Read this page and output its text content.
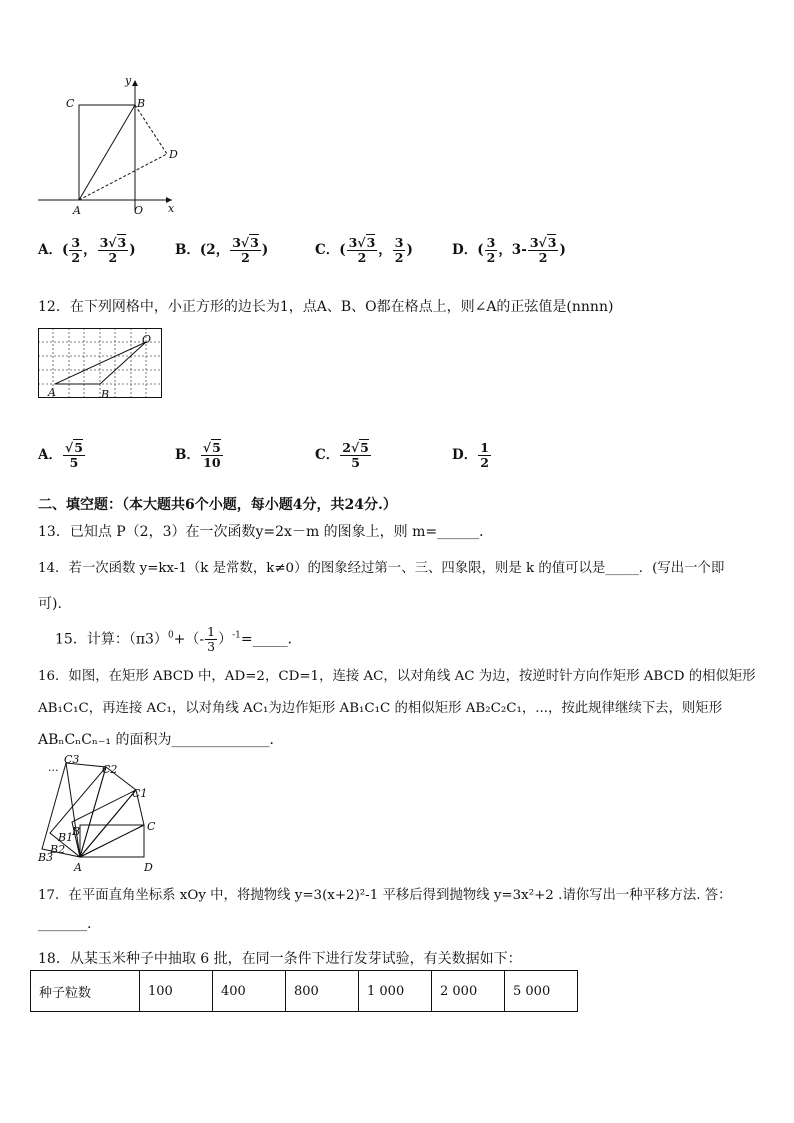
y
x
C	B
D
A	O
A．( $\frac{3}{2}$ ， $\frac{3√3}{2}$ )	B．(2， $\frac{3√3}{2}$ )	C．( $\frac{3√3}{2}$ ， $\frac{3}{2}$ )	D．( $\frac{3}{2}$ ，$3- \frac{3√3}{2}$ )
12．在下列网格中，小正方形的边长为1，点A、B、O都在格点上，则∠A的正弦值是(nnnn)
O
A	B
A． $\frac{√5}{5}$	B． $\frac{√5}{10}$	C． $\frac{2√5}{5}$	D． $\frac{1}{2}$
二、填空题：（本大题共6个小题，每小题4分，共24分.）
13．已知点 P（2，3）在一次函数y=2x－m 的图象上，则 m=______．
14．若一次函数 y=kx-1（k 是常数，k≠0）的图象经过第一、三、四象限，则是 k 的值可以是_____．(写出一个即
可).
15．计算：$(\pi 3)^0+(- \frac{1}{3}$ ）$^{-1}$=_____．
16．如图，在矩形 ABCD 中，AD=2，CD=1，连接 AC，以对角线 AC 为边，按逆时针方向作矩形 ABCD 的相似矩形
AB₁C₁C，再连接 AC₁，以对角线 AC₁为边作矩形 AB₁C₁C 的相似矩形 AB₂C₂C₁，...，按此规律继续下去，则矩形
ABₙCₙCₙ₋₁ 的面积为______________．
...
C3
C2
C1
C
B
B1
B2
B3
A	D
17．在平面直角坐标系 xOy 中，将抛物线 y=3(x+2)²-1 平移后得到抛物线 y=3x²+2 .请你写出一种平移方法. 答：
_______.
18．从某玉米种子中抽取 6 批，在同一条件下进行发芽试验，有关数据如下：
种子粒数	100	400	800	1 000	2 000	5 000
